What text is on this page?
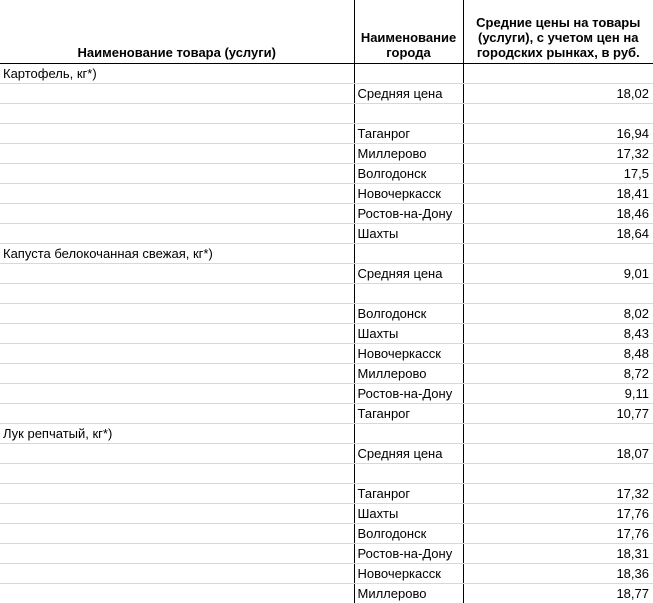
Наименование товара (услуги)	Наименование города	Средние цены на товары (услуги), с учетом цен на городских рынках, в руб.
Картофель, кг*)		
	Средняя цена	18,02

	Таганрог	16,94
	Миллерово	17,32
	Волгодонск	17,5
	Новочеркасск	18,41
	Ростов-на-Дону	18,46
	Шахты	18,64
Капуста белокочанная свежая, кг*)		
	Средняя цена	9,01

	Волгодонск	8,02
	Шахты	8,43
	Новочеркасск	8,48
	Миллерово	8,72
	Ростов-на-Дону	9,11
	Таганрог	10,77
Лук репчатый, кг*)		
	Средняя цена	18,07

	Таганрог	17,32
	Шахты	17,76
	Волгодонск	17,76
	Ростов-на-Дону	18,31
	Новочеркасск	18,36
	Миллерово	18,77
